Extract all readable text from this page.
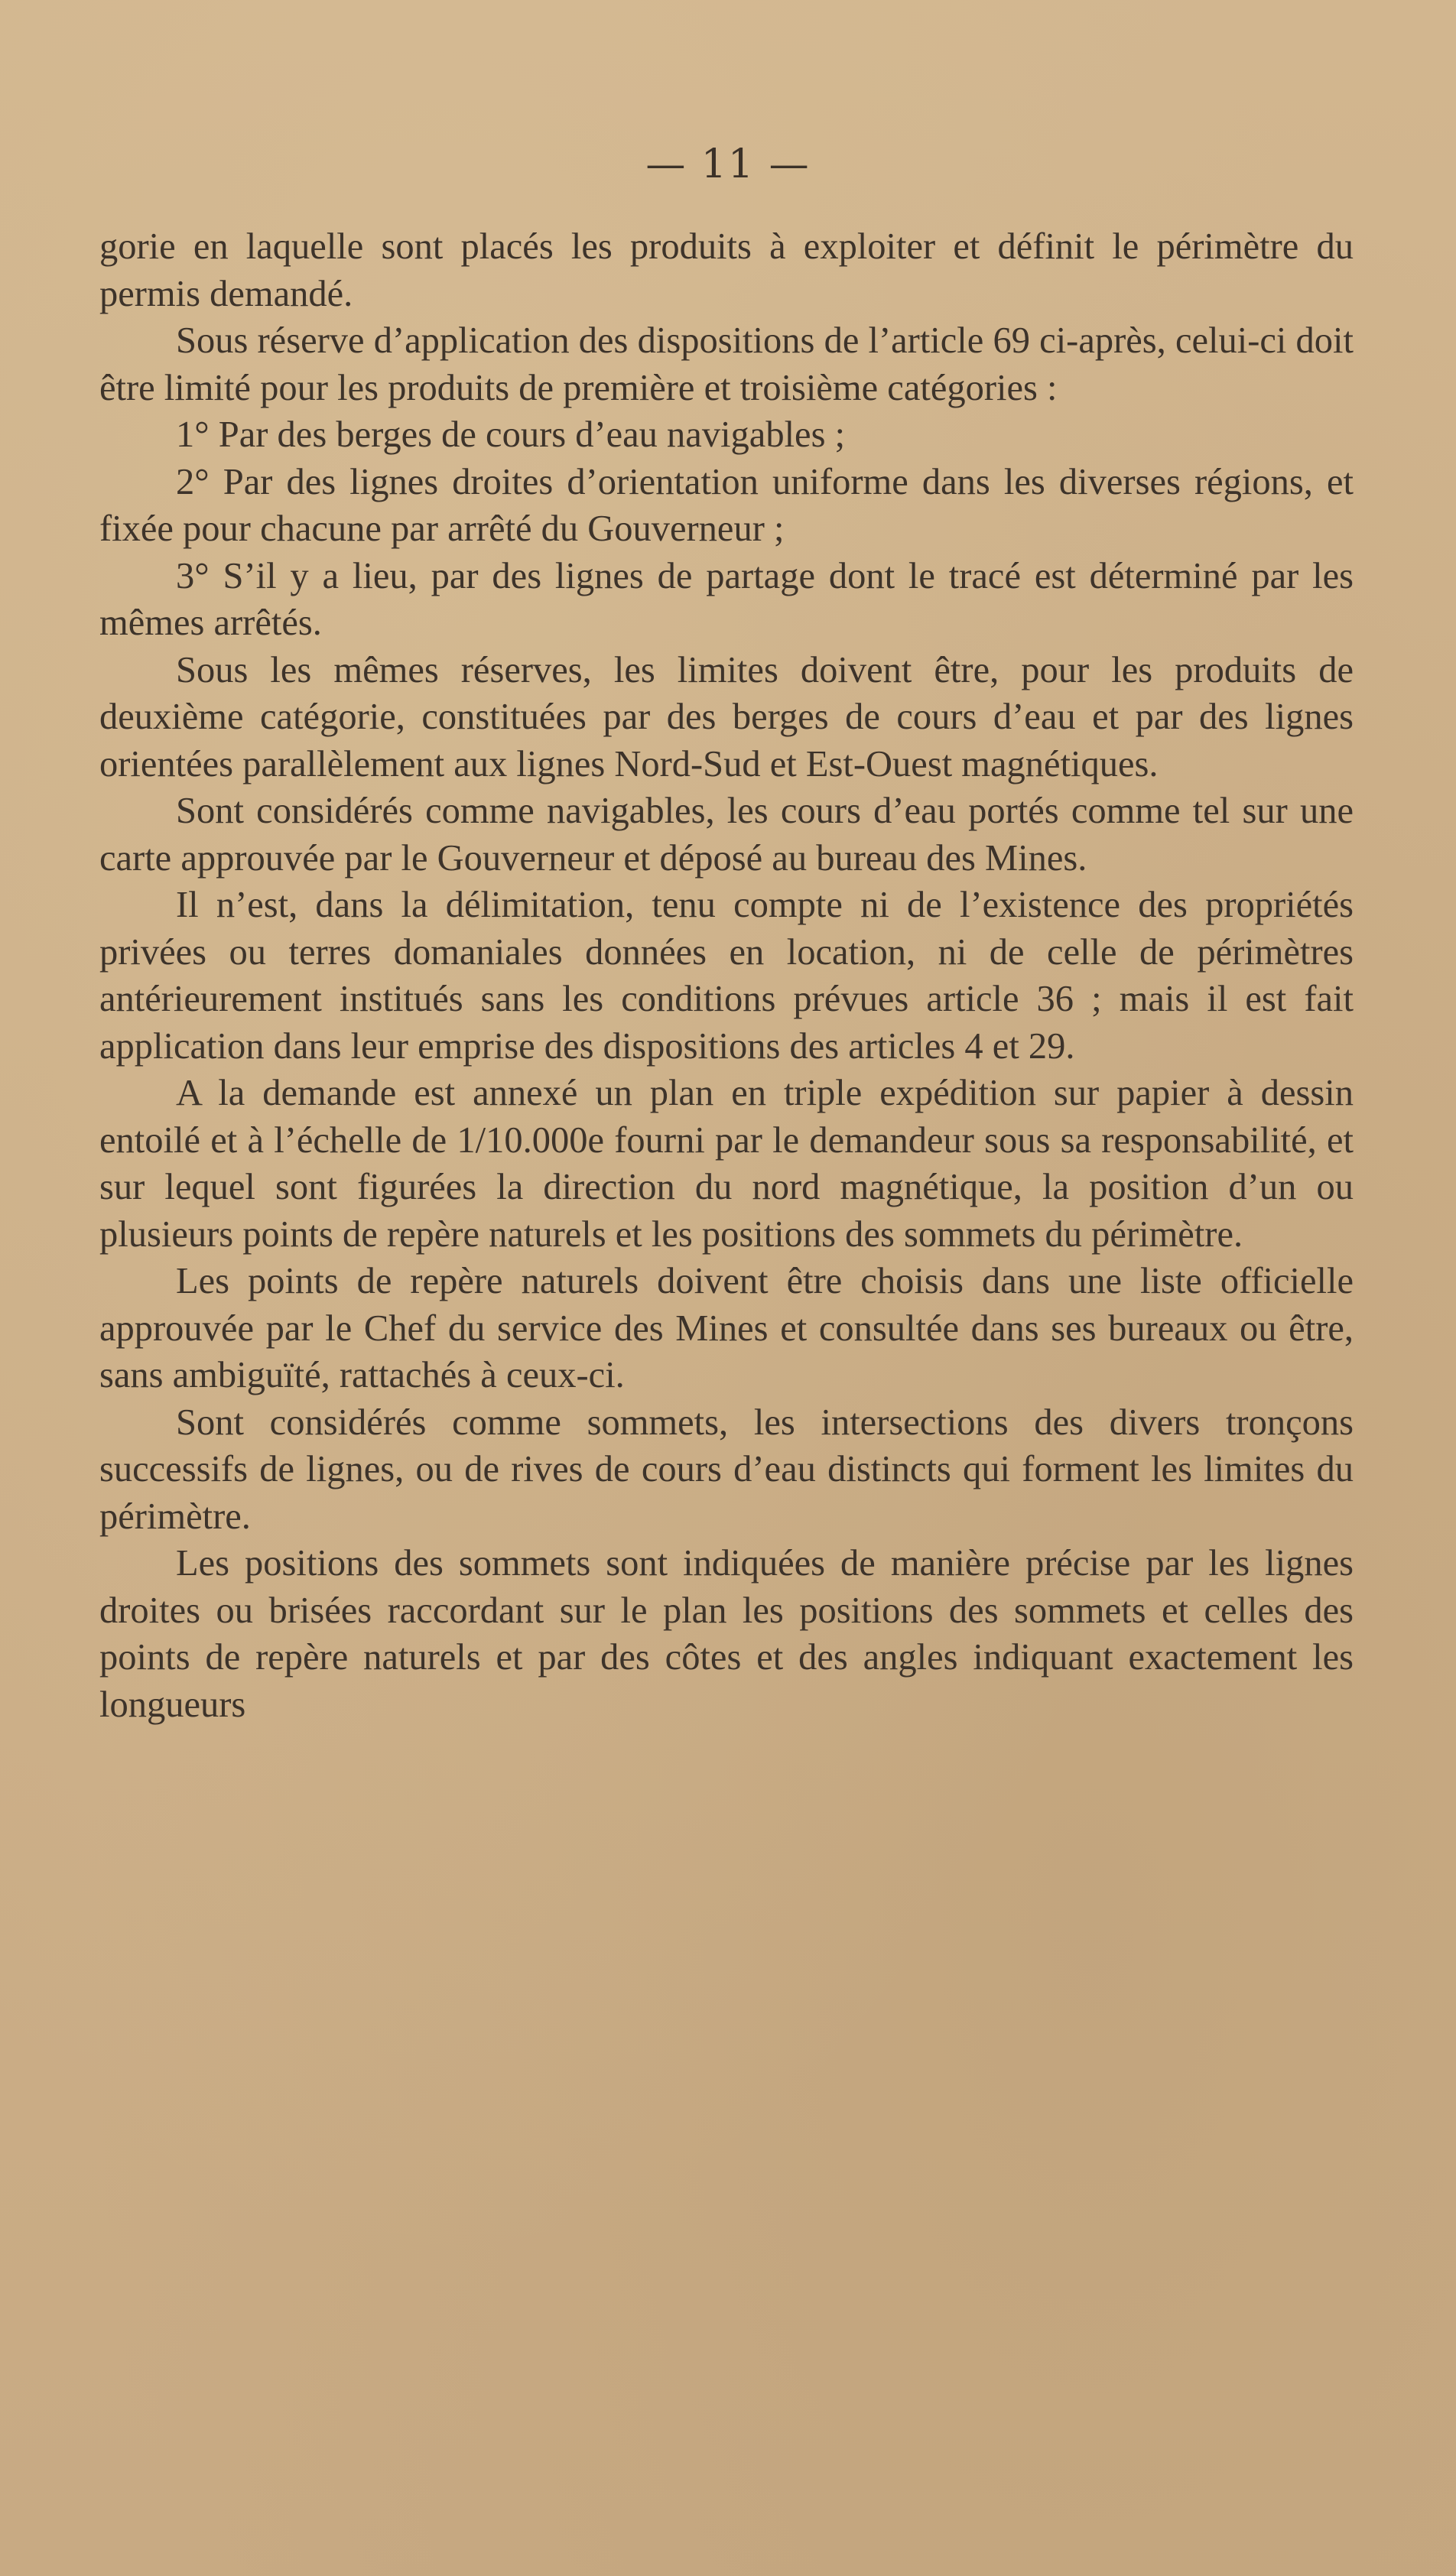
— 11 —

gorie en laquelle sont placés les produits à exploiter et définit le périmètre du permis demandé.

Sous réserve d’application des dispositions de l’article 69 ci-après, celui-ci doit être limité pour les produits de première et troisième catégories :

1° Par des berges de cours d’eau navigables ;

2° Par des lignes droites d’orientation uniforme dans les diverses régions, et fixée pour chacune par arrêté du Gouverneur ;

3° S’il y a lieu, par des lignes de partage dont le tracé est déterminé par les mêmes arrêtés.

Sous les mêmes réserves, les limites doivent être, pour les produits de deuxième catégorie, constituées par des berges de cours d’eau et par des lignes orientées parallèlement aux lignes Nord-Sud et Est-Ouest magnétiques.

Sont considérés comme navigables, les cours d’eau portés comme tel sur une carte approuvée par le Gouverneur et déposé au bureau des Mines.

Il n’est, dans la délimitation, tenu compte ni de l’existence des propriétés privées ou terres domaniales données en location, ni de celle de périmètres antérieurement institués sans les conditions prévues article 36 ; mais il est fait application dans leur emprise des dispositions des articles 4 et 29.

A la demande est annexé un plan en triple expédition sur papier à dessin entoilé et à l’échelle de 1/10.000e fourni par le demandeur sous sa responsabilité, et sur lequel sont figurées la direction du nord magnétique, la position d’un ou plusieurs points de repère naturels et les positions des sommets du périmètre.

Les points de repère naturels doivent être choisis dans une liste officielle approuvée par le Chef du service des Mines et consultée dans ses bureaux ou être, sans ambiguïté, rattachés à ceux-ci.

Sont considérés comme sommets, les intersections des divers tronçons successifs de lignes, ou de rives de cours d’eau distincts qui forment les limites du périmètre.

Les positions des sommets sont indiquées de manière précise par les lignes droites ou brisées raccordant sur le plan les positions des sommets et celles des points de repère naturels et par des côtes et des angles indiquant exactement les longueurs
